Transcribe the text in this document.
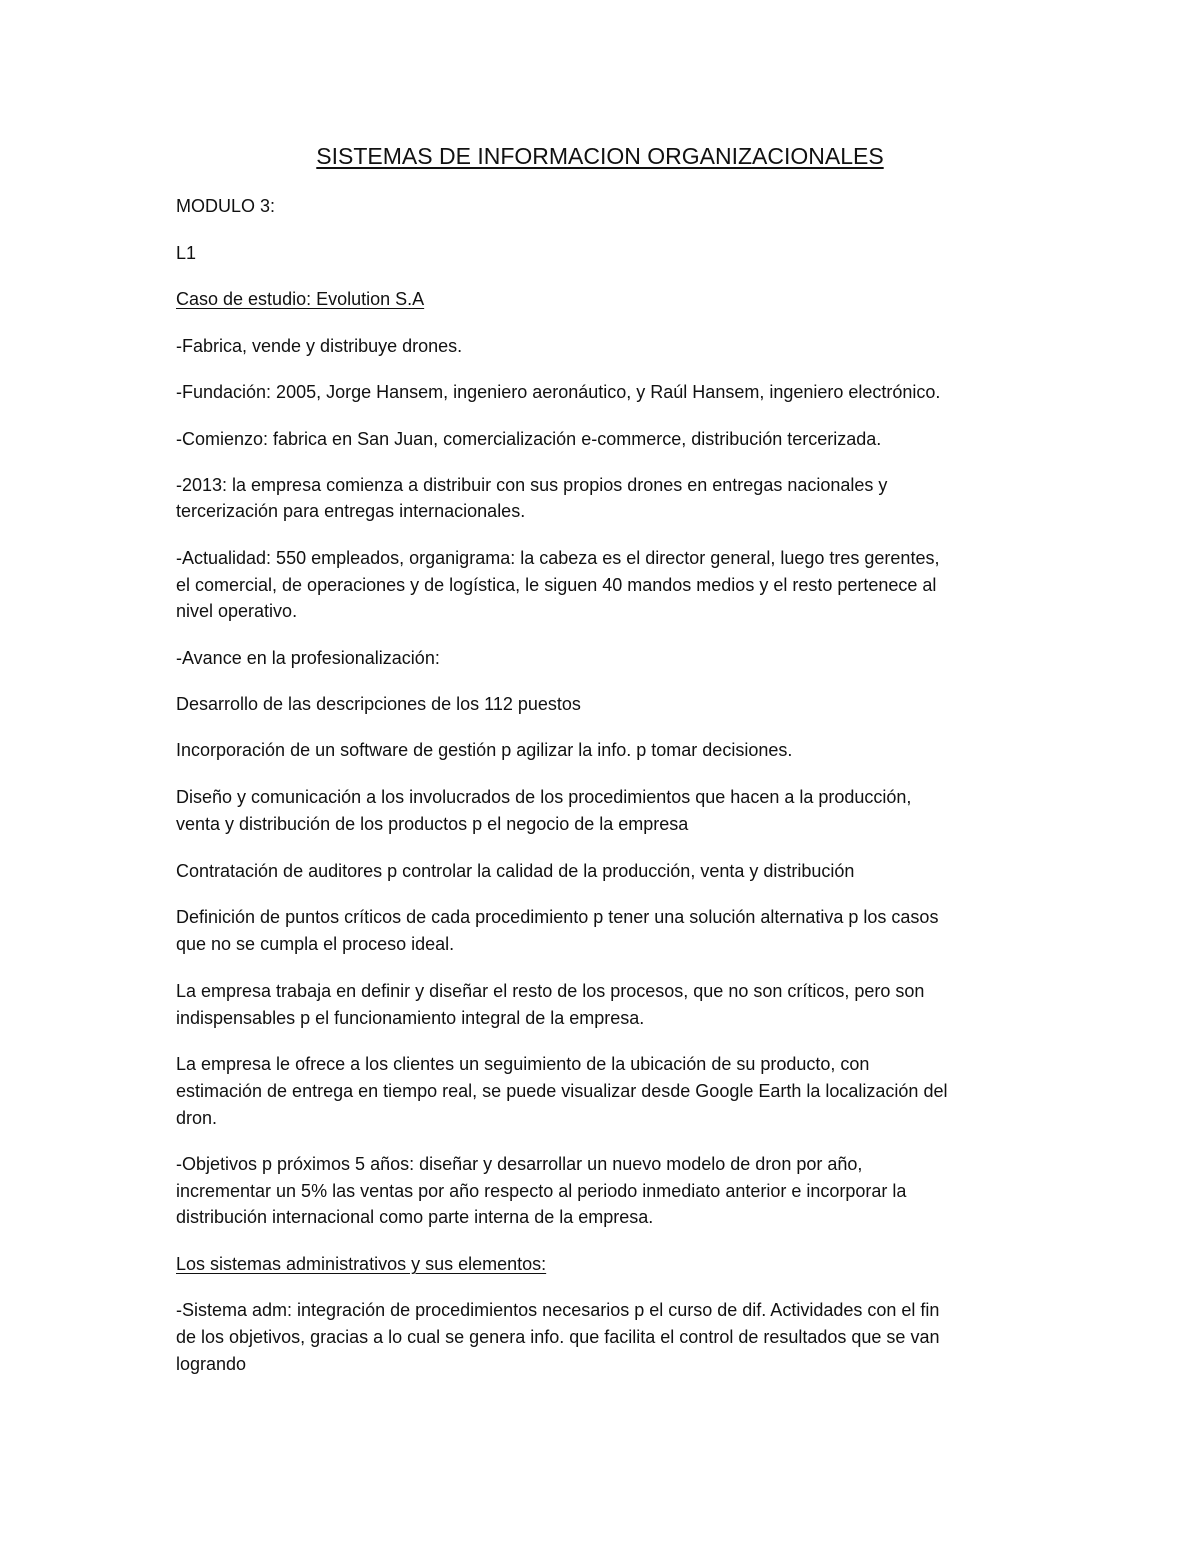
SISTEMAS DE INFORMACION ORGANIZACIONALES
MODULO 3:
L1
Caso de estudio: Evolution S.A
-Fabrica, vende y distribuye drones.
-Fundación: 2005, Jorge Hansem, ingeniero aeronáutico, y Raúl Hansem, ingeniero electrónico.
-Comienzo: fabrica en San Juan, comercialización e-commerce, distribución tercerizada.
-2013: la empresa comienza a distribuir con sus propios drones en entregas nacionales y
tercerización para entregas internacionales.
-Actualidad: 550 empleados, organigrama: la cabeza es el director general, luego tres gerentes,
el comercial, de operaciones y de logística, le siguen 40 mandos medios y el resto pertenece al
nivel operativo.
-Avance en la profesionalización:
Desarrollo de las descripciones de los 112 puestos
Incorporación de un software de gestión p agilizar la info. p tomar decisiones.
Diseño y comunicación a los involucrados de los procedimientos que hacen a la producción,
venta y distribución de los productos p el negocio de la empresa
Contratación de auditores p controlar la calidad de la producción, venta y distribución
Definición de puntos críticos de cada procedimiento p tener una solución alternativa p los casos
que no se cumpla el proceso ideal.
La empresa trabaja en definir y diseñar el resto de los procesos, que no son críticos, pero son
indispensables p el funcionamiento integral de la empresa.
La empresa le ofrece a los clientes un seguimiento de la ubicación de su producto, con
estimación de entrega en tiempo real, se puede visualizar desde Google Earth la localización del
dron.
-Objetivos p próximos 5 años: diseñar y desarrollar un nuevo modelo de dron por año,
incrementar un 5% las ventas por año respecto al periodo inmediato anterior e incorporar la
distribución internacional como parte interna de la empresa.
Los sistemas administrativos y sus elementos:
-Sistema adm: integración de procedimientos necesarios p el curso de dif. Actividades con el fin
de los objetivos, gracias a lo cual se genera info. que facilita el control de resultados que se van
logrando
